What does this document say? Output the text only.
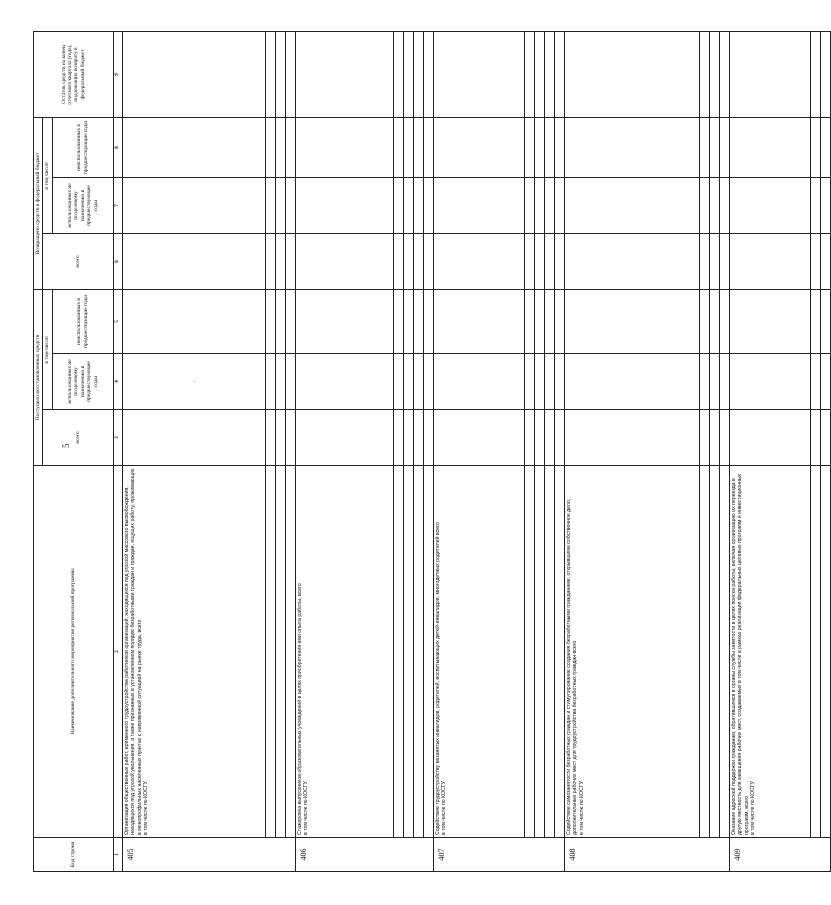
5
Код строки	Наименование дополнительного мероприятия региональной программы	Поступило восстановленных средств			Возвращено средств в федеральный бюджет			Остаток средств на конец отчетного квартала (года), подлежащих возврату в федеральный бюджет
		всего	в том числе:		всего	в том числе:		
			использованных не по целевому назначению в предшествующие годы	неиспользованных в предшествующие годы		использованных не по целевому назначению в предшествующие годы	неиспользованных в предшествующие годы	
1	2	3	4	5	6	7	8	9
405	Организация общественных работ, временного трудоустройства работников организаций, находящихся под угрозой массового высвобождения, находящихся под угрозой увольнения, а также признанных в установленном порядке безработными граждан и граждан, ищущих работу, проживающих в монопрофильных населенных пунктах с напряженной ситуацией на рынке труда, всего в том числе по КОСГУ		.					

406	Стажировка выпускников образовательных учреждений в целях приобретения ими опыта работы, всего в том числе по КОСГУ							

407	Содействие трудоустройству незанятых инвалидов, родителей, воспитывающих детей-инвалидов, многодетных родителей всего в том числе по КОСГУ							

408	Содействие самозанятости безработных граждан и стимулирование создания безработными гражданами, открывшими собственное дело, дополнительных рабочих мест для трудоустройства безработных граждан всего в том числе по КОСГУ							

409	Оказание адресной поддержки гражданам, обратившимся в органы службы занятости в целях поиска работы, включая организацию их переезда в другую местность для замещения рабочих мест, создаваемых в том числе в рамках реализации федеральных целевых программ и инвестиционных программ, всего в том числе по КОСГУ							
